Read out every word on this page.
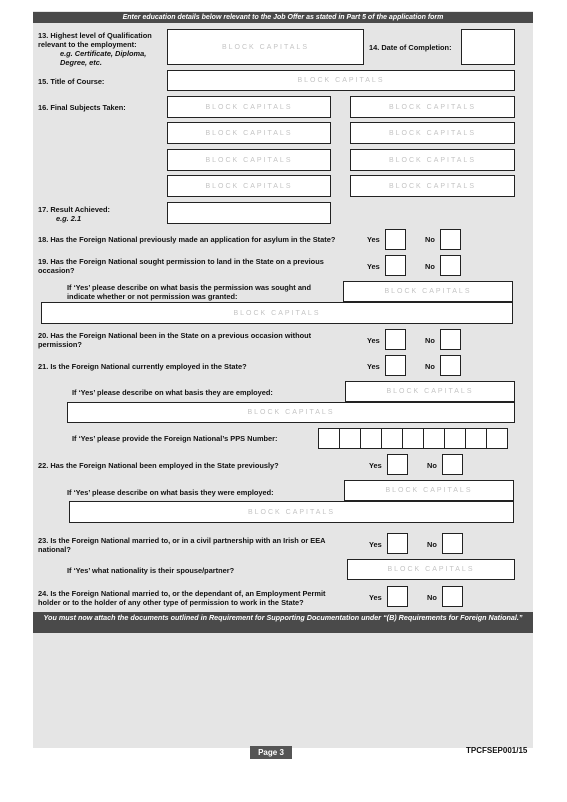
Enter education details below relevant to the Job Offer as stated in Part 5 of the application form
13. Highest level of Qualification relevant to the employment:
e.g. Certificate, Diploma, Degree, etc.
BLOCK CAPITALS	14. Date of Completion:
15. Title of Course:	BLOCK CAPITALS
16. Final Subjects Taken:	BLOCK CAPITALS	BLOCK CAPITALS
BLOCK CAPITALS	BLOCK CAPITALS
BLOCK CAPITALS	BLOCK CAPITALS
BLOCK CAPITALS	BLOCK CAPITALS
17. Result Achieved:
e.g. 2.1
18. Has the Foreign National previously made an application for asylum in the State?	Yes	No
19. Has the Foreign National sought permission to land in the State on a previous occasion?	Yes	No
If ‘Yes’ please describe on what basis the permission was sought and indicate whether or not permission was granted:
BLOCK CAPITALS
BLOCK CAPITALS
20. Has the Foreign National been in the State on a previous occasion without permission?	Yes	No
21. Is the Foreign National currently employed in the State?	Yes	No
If ‘Yes’ please describe on what basis they are employed:	BLOCK CAPITALS
BLOCK CAPITALS
If ‘Yes’ please provide the Foreign National’s PPS Number:
22. Has the Foreign National been employed in the State previously?	Yes	No
If ‘Yes’ please describe on what basis they were employed:	BLOCK CAPITALS
BLOCK CAPITALS
23. Is the Foreign National married to, or in a civil partnership with an Irish or EEA national?
Yes	No
If ‘Yes’ what nationality is their spouse/partner?	BLOCK CAPITALS
24. Is the Foreign National married to, or the dependant of, an Employment Permit holder or to the holder of any other type of permission to work in the State?
Yes	No
You must now attach the documents outlined in Requirement for Supporting Documentation under “(B) Requirements for Foreign National.”
Page 3	TPCFSEP001/15
